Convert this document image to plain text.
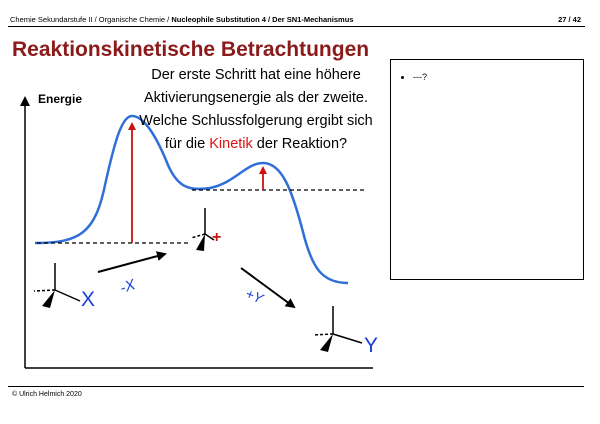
Chemie Sekundarstufe II / Organische Chemie / Nucleophile Substitution 4 / Der SN1-Mechanismus	27 / 42
Reaktionskinetische Betrachtungen
Energie
X
-X
+
+Y
Y
Der erste Schritt hat eine höhere Aktivierungsenergie als der zweite. Welche Schlussfolgerung ergibt sich für die Kinetik der Reaktion?
• ---?
© Ulrich Helmich 2020
